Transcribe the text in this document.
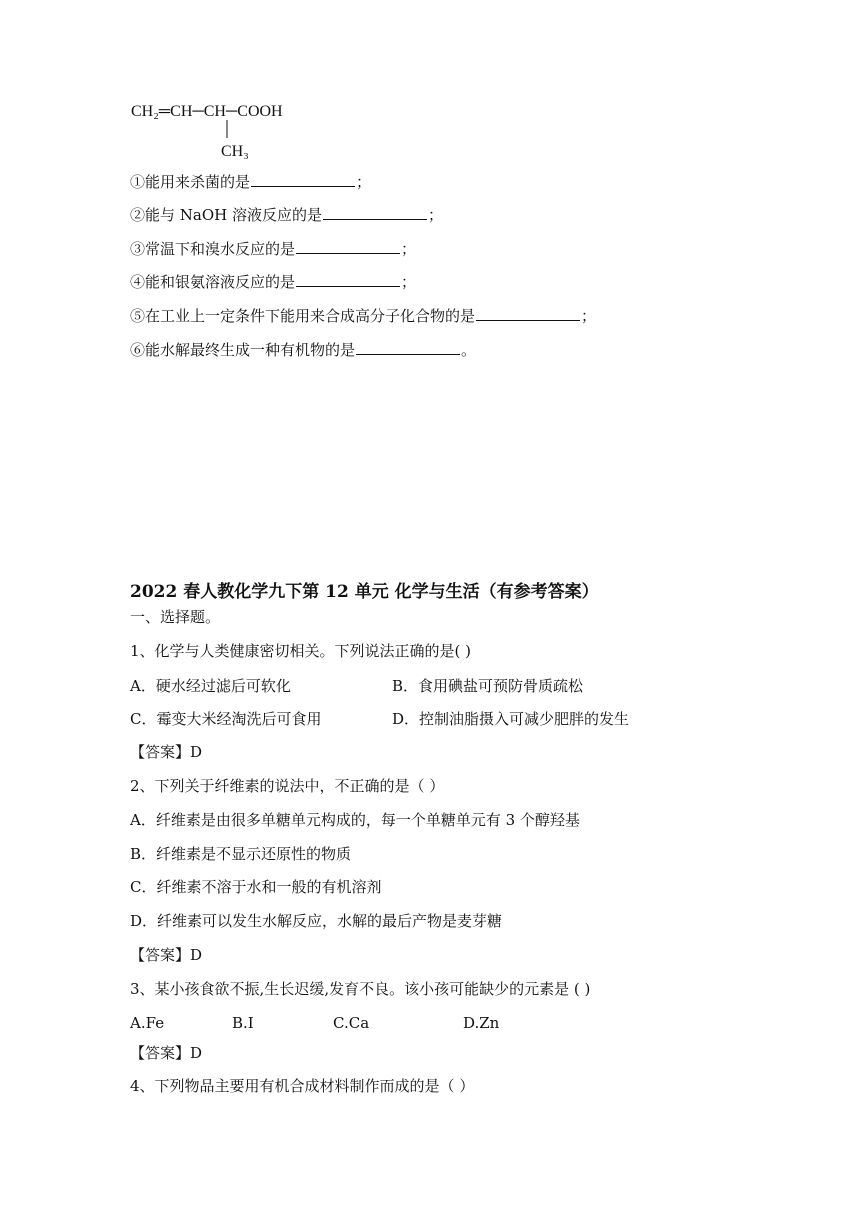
CH₂═CH─CH─COOH
CH₃
①能用来杀菌的是	；
②能与 NaOH 溶液反应的是	；
③常温下和溴水反应的是	；
④能和银氨溶液反应的是	；
⑤在工业上一定条件下能用来合成高分子化合物的是	；
⑥能水解最终生成一种有机物的是	。
2022 春人教化学九下第 12 单元 化学与生活（有参考答案）
一、选择题。
1、化学与人类健康密切相关。下列说法正确的是( )
A．硬水经过滤后可软化	B．食用碘盐可预防骨质疏松
C．霉变大米经淘洗后可食用	D．控制油脂摄入可减少肥胖的发生
【答案】D
2、下列关于纤维素的说法中，不正确的是（ ）
A．纤维素是由很多单糖单元构成的，每一个单糖单元有 3 个醇羟基
B．纤维素是不显示还原性的物质
C．纤维素不溶于水和一般的有机溶剂
D．纤维素可以发生水解反应，水解的最后产物是麦芽糖
【答案】D
3、某小孩食欲不振,生长迟缓,发育不良。该小孩可能缺少的元素是 ( )
A.Fe	B.I	C.Ca	D.Zn
【答案】D
4、下列物品主要用有机合成材料制作而成的是（ ）
